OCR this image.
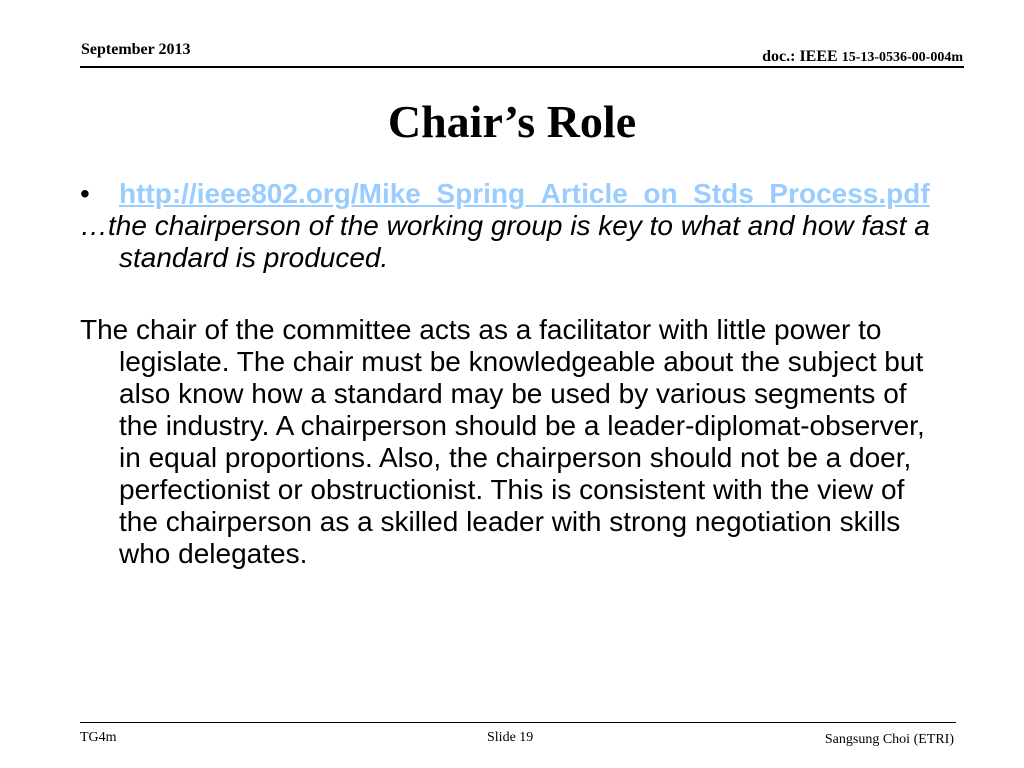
September 2013	doc.: IEEE 15-13-0536-00-004m
Chair’s Role
•	http://ieee802.org/Mike_Spring_Article_on_Stds_Process.pdf

…the chairperson of the working group is key to what and how fast a standard is produced.

The chair of the committee acts as a facilitator with little power to legislate. The chair must be knowledgeable about the subject but also know how a standard may be used by various segments of the industry. A chairperson should be a leader-diplomat-observer, in equal proportions. Also, the chairperson should not be a doer, perfectionist or obstructionist. This is consistent with the view of the chairperson as a skilled leader with strong negotiation skills who delegates.

TG4m	Slide 19	Sangsung Choi (ETRI)
